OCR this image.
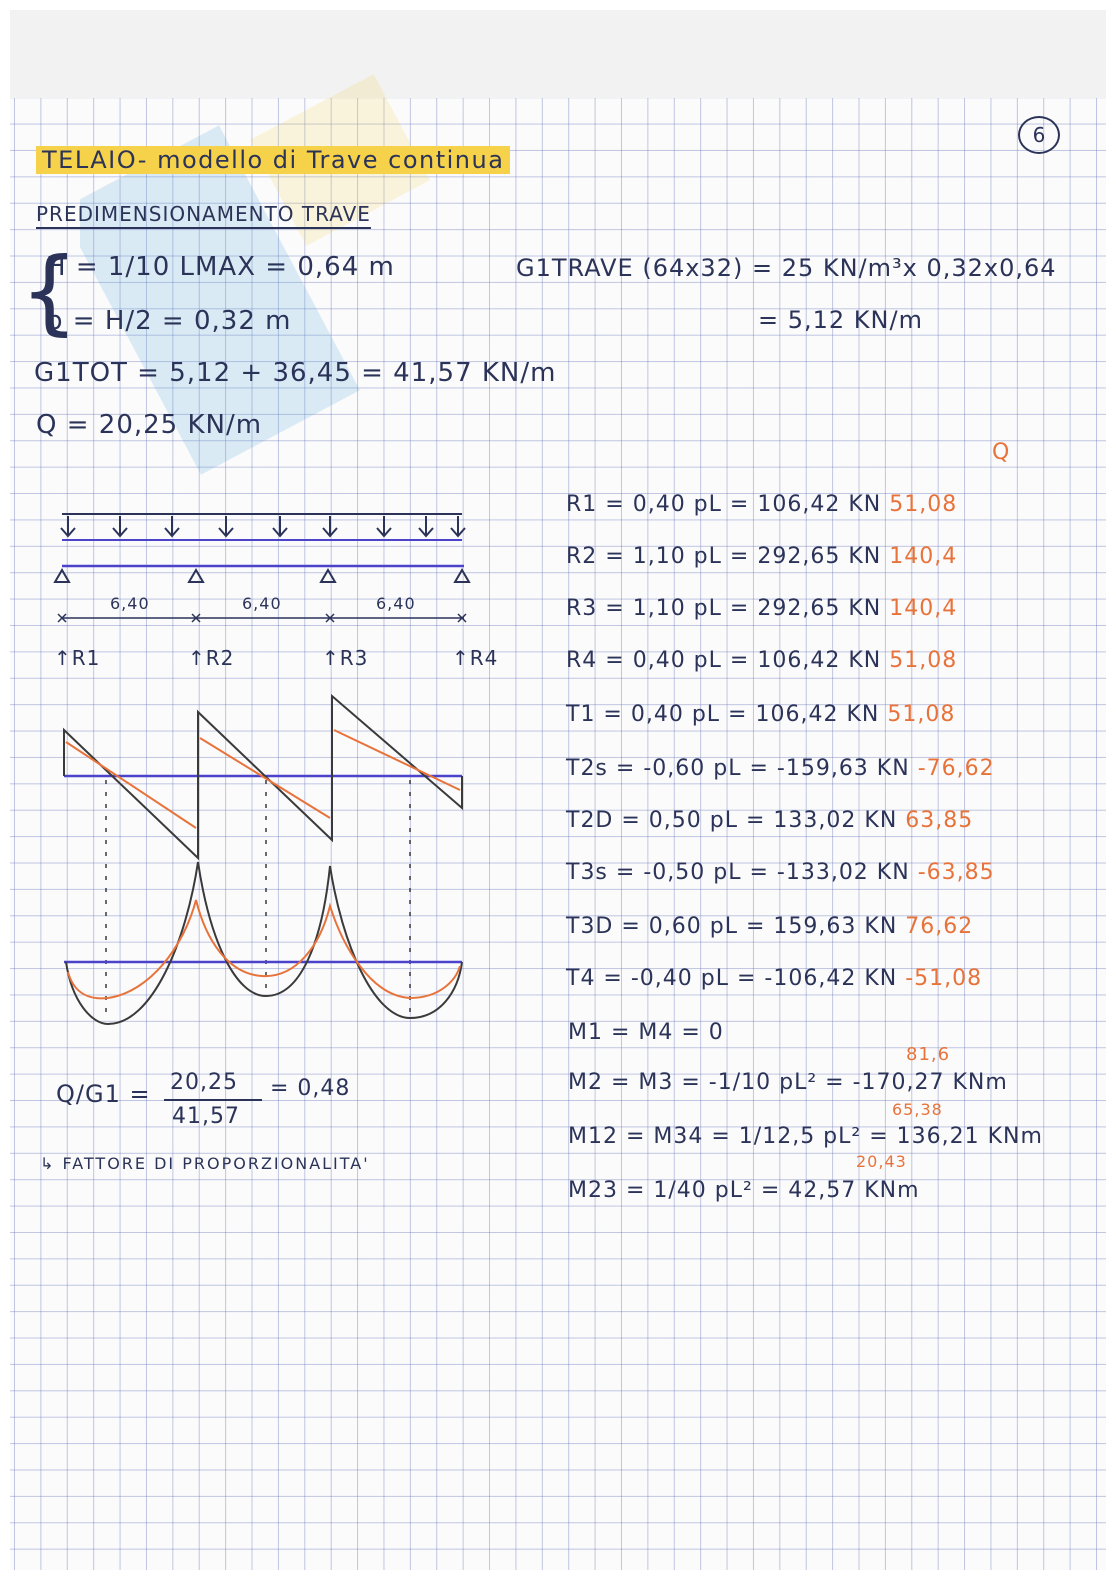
6
TELAIO- modello di Trave continua
PREDIMENSIONAMENTO TRAVE
{
H = 1/10 LMAX = 0,64 m
b = H/2 = 0,32 m
G1TRAVE (64x32) = 25 KN/m³x 0,32x0,64
= 5,12 KN/m
G1TOT = 5,12 + 36,45 = 41,57 KN/m
Q = 20,25 KN/m
6,40	6,40	6,40
↑R1	↑R2	↑R3	↑R4
Q
R1 = 0,40 pL = 106,42 KN 51,08
R2 = 1,10 pL = 292,65 KN 140,4
R3 = 1,10 pL = 292,65 KN 140,4
R4 = 0,40 pL = 106,42 KN 51,08
T1 = 0,40 pL = 106,42 KN 51,08
T2s = -0,60 pL = -159,63 KN -76,62
T2D = 0,50 pL = 133,02 KN 63,85
T3s = -0,50 pL = -133,02 KN -63,85
T3D = 0,60 pL = 159,63 KN 76,62
T4 = -0,40 pL = -106,42 KN -51,08
M1 = M4 = 0
81,6
M2 = M3 = -1/10 pL² = -170,27 KNm
65,38
M12 = M34 = 1/12,5 pL² = 136,21 KNm
20,43
M23 = 1/40 pL² = 42,57 KNm
Q/G1 = 20,25
41,57
= 0,48
↳ FATTORE DI PROPORZIONALITA'
